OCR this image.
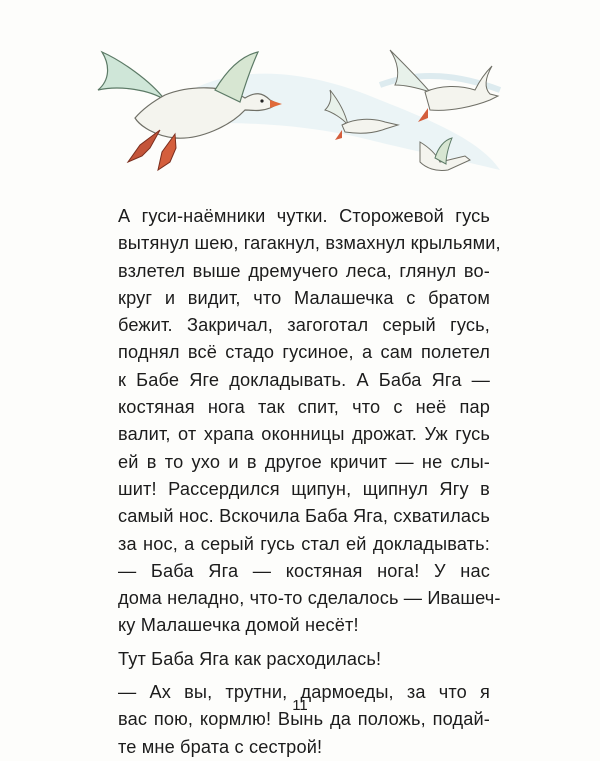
А гуси-наёмники чутки. Сторожевой гусь
вытянул шею, гагакнул, взмахнул крыльями,
взлетел выше дремучего леса, глянул во-
круг и видит, что Малашечка с братом
бежит. Закричал, загоготал серый гусь,
поднял всё стадо гусиное, а сам полетел
к Бабе Яге докладывать. А Баба Яга —
костяная нога так спит, что с неё пар
валит, от храпа оконницы дрожат. Уж гусь
ей в то ухо и в другое кричит — не слы-
шит! Рассердился щипун, щипнул Ягу в
самый нос. Вскочила Баба Яга, схватилась
за нос, а серый гусь стал ей докладывать:
— Баба Яга — костяная нога! У нас
дома неладно, что-то сделалось — Ивашеч-
ку Малашечка домой несёт!
Тут Баба Яга как расходилась!
— Ах вы, трутни, дармоеды, за что я
вас пою, кормлю! Вынь да положь, подай-
те мне брата с сестрой!
11
